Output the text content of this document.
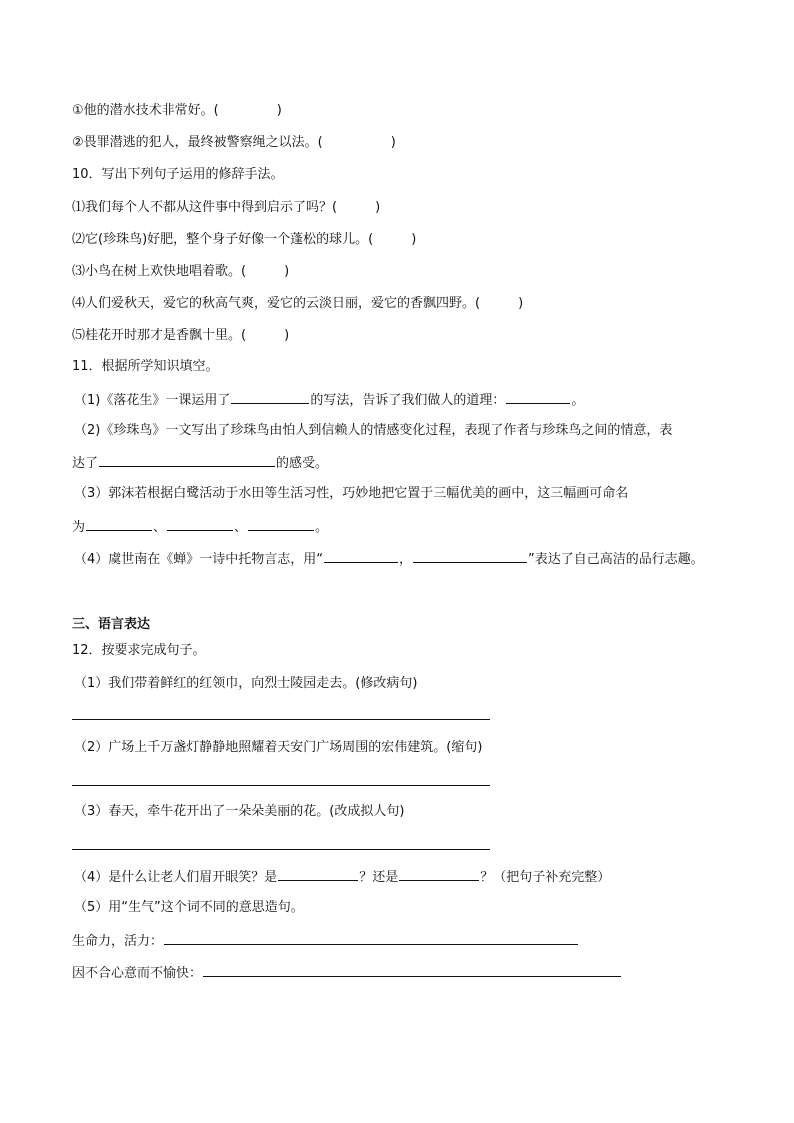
①他的潜水技术非常好。(	)
②畏罪潜逃的犯人，最终被警察绳之以法。(	)
10．写出下列句子运用的修辞手法。
⑴我们每个人不都从这件事中得到启示了吗？(	)
⑵它(珍珠鸟)好肥，整个身子好像一个蓬松的球儿。(	)
⑶小鸟在树上欢快地唱着歌。(	)
⑷人们爱秋天，爱它的秋高气爽，爱它的云淡日丽，爱它的香飘四野。(	)
⑸桂花开时那才是香飘十里。(	)
11．根据所学知识填空。
（1)《落花生》一课运用了	的写法，告诉了我们做人的道理：	。
（2)《珍珠鸟》一文写出了珍珠鸟由怕人到信赖人的情感变化过程，表现了作者与珍珠鸟之间的情意，表
达了	的感受。
（3）郭沫若根据白鹭活动于水田等生活习性，巧妙地把它置于三幅优美的画中，这三幅画可命名
为	、	、	。
（4）虞世南在《蝉》一诗中托物言志，用“	，	”表达了自己高洁的品行志趣。
三、语言表达
12．按要求完成句子。
（1）我们带着鲜红的红领巾，向烈士陵园走去。(修改病句)
（2）广场上千万盏灯静静地照耀着天安门广场周围的宏伟建筑。(缩句)
（3）春天，牵牛花开出了一朵朵美丽的花。(改成拟人句)
（4）是什么让老人们眉开眼笑？是	？还是	？（把句子补充完整）
（5）用“生气”这个词不同的意思造句。
生命力，活力：
因不合心意而不愉快：
